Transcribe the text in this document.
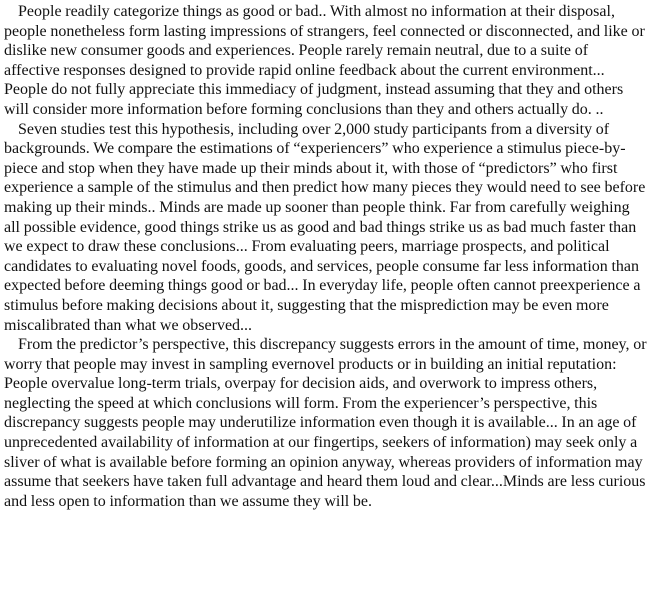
People readily categorize things as good or bad.. With almost no information at their disposal, people nonetheless form lasting impressions of strangers, feel connected or disconnected, and like or dislike new consumer goods and experiences. People rarely remain neutral, due to a suite of affective responses designed to provide rapid online feedback about the current environment... People do not fully appreciate this immediacy of judgment, instead assuming that they and others will consider more information before forming conclusions than they and others actually do. ..

Seven studies test this hypothesis, including over 2,000 study participants from a diversity of backgrounds. We compare the estimations of “experiencers” who experience a stimulus piece-by-piece and stop when they have made up their minds about it, with those of “predictors” who first experience a sample of the stimulus and then predict how many pieces they would need to see before making up their minds.. Minds are made up sooner than people think. Far from carefully weighing all possible evidence, good things strike us as good and bad things strike us as bad much faster than we expect to draw these conclusions... From evaluating peers, marriage prospects, and political candidates to evaluating novel foods, goods, and services, people consume far less information than expected before deeming things good or bad... In everyday life, people often cannot preexperience a stimulus before making decisions about it, suggesting that the misprediction may be even more miscalibrated than what we observed...

From the predictor’s perspective, this discrepancy suggests errors in the amount of time, money, or worry that people may invest in sampling evernovel products or in building an initial reputation: People overvalue long-term trials, overpay for decision aids, and overwork to impress others, neglecting the speed at which conclusions will form. From the experiencer’s perspective, this discrepancy suggests people may underutilize information even though it is available... In an age of unprecedented availability of information at our fingertips, seekers of information) may seek only a sliver of what is available before forming an opinion anyway, whereas providers of information may assume that seekers have taken full advantage and heard them loud and clear...Minds are less curious and less open to information than we assume they will be.
